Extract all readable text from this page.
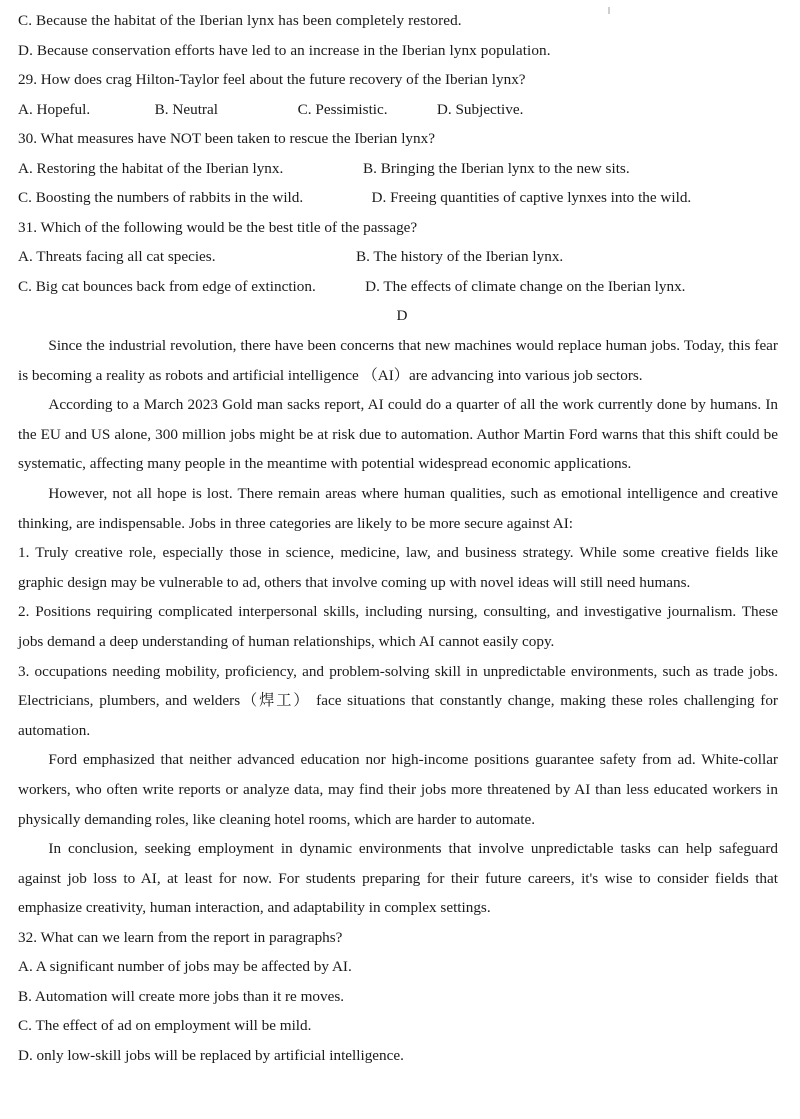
C. Because the habitat of the Iberian lynx has been completely restored.
D. Because conservation efforts have led to an increase in the Iberian lynx population.
29. How does crag Hilton-Taylor feel about the future recovery of the Iberian lynx?
A. Hopeful.                 B. Neutral                     C. Pessimistic.             D. Subjective.
30. What measures have NOT been taken to rescue the Iberian lynx?
A. Restoring the habitat of the Iberian lynx.                     B. Bringing the Iberian lynx to the new sits.
C. Boosting the numbers of rabbits in the wild.                  D. Freeing quantities of captive lynxes into the wild.
31. Which of the following would be the best title of the passage?
A. Threats facing all cat species.                                     B. The history of the Iberian lynx.
C. Big cat bounces back from edge of extinction.             D. The effects of climate change on the Iberian lynx.
D

Since the industrial revolution, there have been concerns that new machines would replace human jobs. Today, this fear is becoming a reality as robots and artificial intelligence （AI）are advancing into various job sectors.

According to a March 2023 Gold man sacks report, AI could do a quarter of all the work currently done by humans. In the EU and US alone, 300 million jobs might be at risk due to automation. Author Martin Ford warns that this shift could be systematic, affecting many people in the meantime with potential widespread economic applications.

However, not all hope is lost. There remain areas where human qualities, such as emotional intelligence and creative thinking, are indispensable. Jobs in three categories are likely to be more secure against AI:

1. Truly creative role, especially those in science, medicine, law, and business strategy. While some creative fields like graphic design may be vulnerable to ad, others that involve coming up with novel ideas will still need humans.

2. Positions requiring complicated interpersonal skills, including nursing, consulting, and investigative journalism. These jobs demand a deep understanding of human relationships, which AI cannot easily copy.

3. occupations needing mobility, proficiency, and problem-solving skill in unpredictable environments, such as trade jobs. Electricians, plumbers, and welders（焊工） face situations that constantly change, making these roles challenging for automation.

Ford emphasized that neither advanced education nor high-income positions guarantee safety from ad. White-collar workers, who often write reports or analyze data, may find their jobs more threatened by AI than less educated workers in physically demanding roles, like cleaning hotel rooms, which are harder to automate.

In conclusion, seeking employment in dynamic environments that involve unpredictable tasks can help safeguard against job loss to AI, at least for now. For students preparing for their future careers, it's wise to consider fields that emphasize creativity, human interaction, and adaptability in complex settings.

32. What can we learn from the report in paragraphs?
A. A significant number of jobs may be affected by AI.
B. Automation will create more jobs than it re moves.
C. The effect of ad on employment will be mild.
D. only low-skill jobs will be replaced by artificial intelligence.
